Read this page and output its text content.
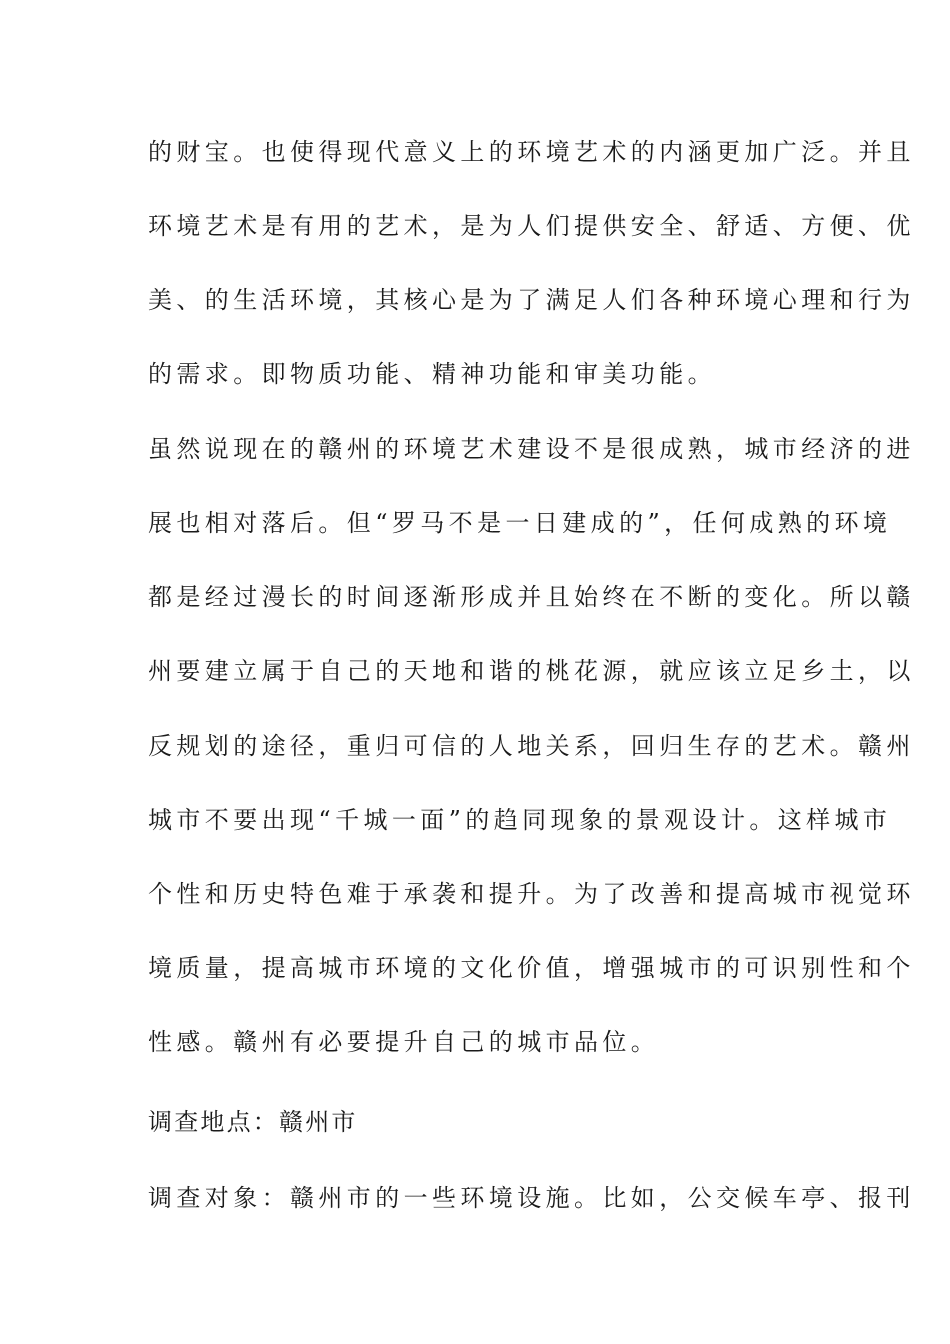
的财宝。也使得现代意义上的环境艺术的内涵更加广泛。并且
环境艺术是有用的艺术，是为人们提供安全、舒适、方便、优
美、的生活环境，其核心是为了满足人们各种环境心理和行为
的需求。即物质功能、精神功能和审美功能。
虽然说现在的赣州的环境艺术建设不是很成熟，城市经济的进
展也相对落后。但“罗马不是一日建成的”，任何成熟的环境
都是经过漫长的时间逐渐形成并且始终在不断的变化。所以赣
州要建立属于自己的天地和谐的桃花源，就应该立足乡土，以
反规划的途径，重归可信的人地关系，回归生存的艺术。赣州
城市不要出现“千城一面”的趋同现象的景观设计。这样城市
个性和历史特色难于承袭和提升。为了改善和提高城市视觉环
境质量，提高城市环境的文化价值，增强城市的可识别性和个
性感。赣州有必要提升自己的城市品位。
调查地点：赣州市
调查对象：赣州市的一些环境设施。比如，公交候车亭、报刊
